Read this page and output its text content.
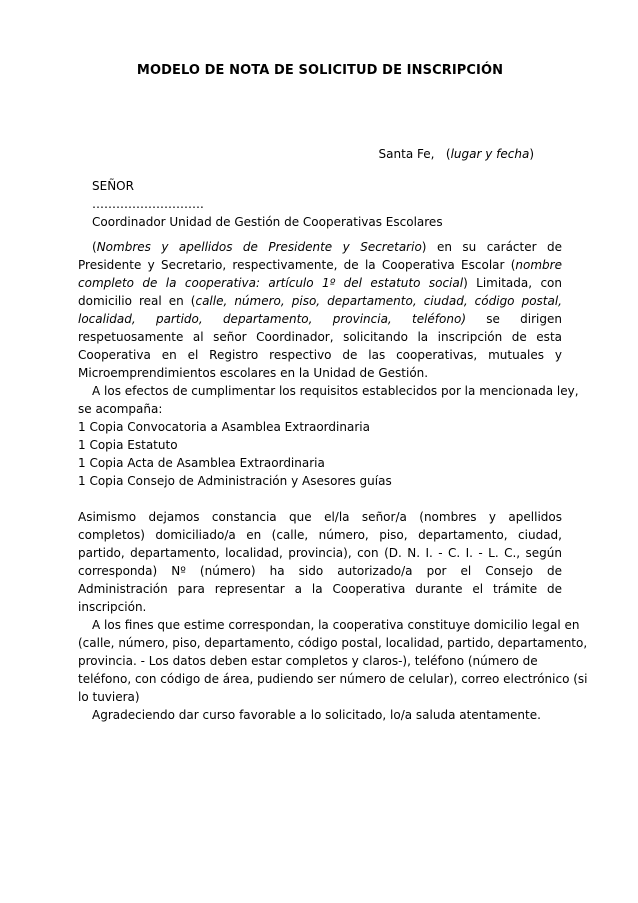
MODELO DE NOTA DE SOLICITUD DE INSCRIPCIÓN
Santa Fe,   (lugar y fecha)
SEÑOR
……………………….
Coordinador Unidad de Gestión de Cooperativas Escolares
(Nombres y apellidos de Presidente y Secretario) en su carácter de Presidente y Secretario, respectivamente, de la Cooperativa Escolar (nombre completo de la cooperativa: artículo 1º del estatuto social) Limitada, con domicilio real en (calle, número, piso, departamento, ciudad, código postal, localidad, partido, departamento, provincia, teléfono) se dirigen respetuosamente al señor Coordinador, solicitando la inscripción de esta Cooperativa en el Registro respectivo de las cooperativas, mutuales y Microemprendimientos escolares en la Unidad de Gestión.
A los efectos de cumplimentar los requisitos establecidos por la mencionada ley,
se acompaña:
1 Copia Convocatoria a Asamblea Extraordinaria
1 Copia Estatuto
1 Copia Acta de Asamblea Extraordinaria
1 Copia Consejo de Administración y Asesores guías
Asimismo dejamos constancia que el/la señor/a (nombres y apellidos completos) domiciliado/a en (calle, número, piso, departamento, ciudad, partido, departamento, localidad, provincia), con (D. N. I. - C. I. - L. C., según corresponda) Nº (número) ha sido autorizado/a por el Consejo de Administración para representar a la Cooperativa durante el trámite de inscripción.
A los fines que estime correspondan, la cooperativa constituye domicilio legal en
(calle, número, piso, departamento, código postal, localidad, partido, departamento,
provincia. - Los datos deben estar completos y claros-), teléfono (número de
teléfono, con código de área, pudiendo ser número de celular), correo electrónico (si
lo tuviera)
Agradeciendo dar curso favorable a lo solicitado, lo/a saluda atentamente.
